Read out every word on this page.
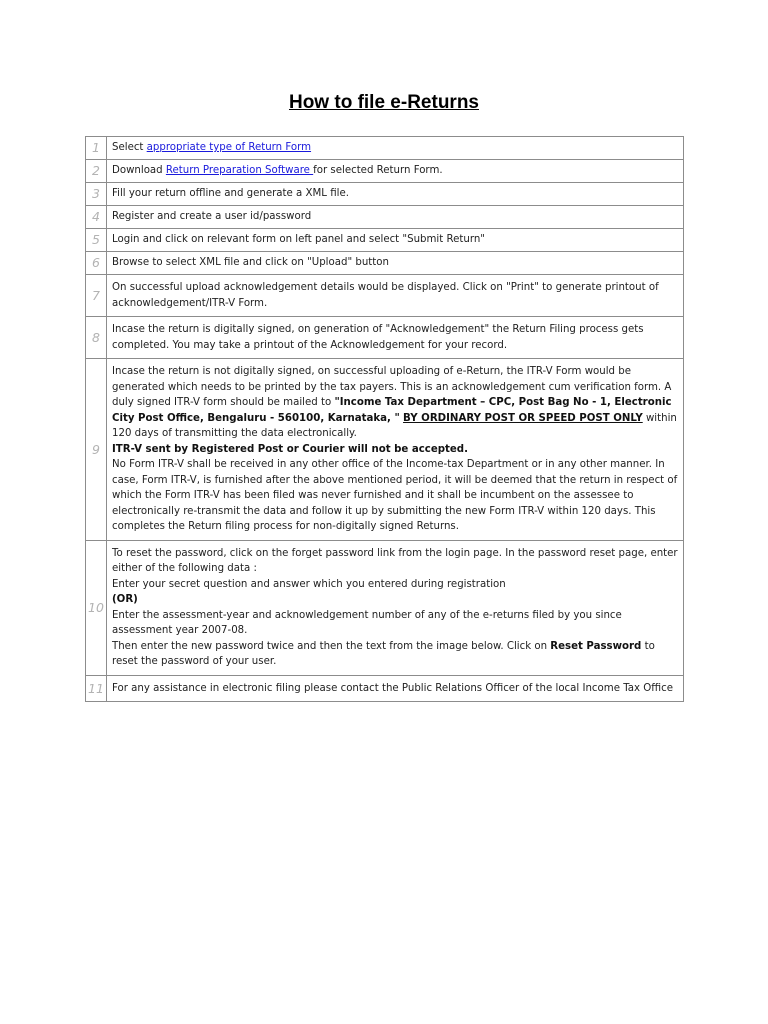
How to file e-Returns
1	Select appropriate type of Return Form
2	Download Return Preparation Software for selected Return Form.
3	Fill your return offline and generate a XML file.
4	Register and create a user id/password
5	Login and click on relevant form on left panel and select "Submit Return"
6	Browse to select XML file and click on "Upload" button
7	On successful upload acknowledgement details would be displayed. Click on "Print" to generate printout of acknowledgement/ITR-V Form.
8	Incase the return is digitally signed, on generation of "Acknowledgement" the Return Filing process gets completed. You may take a printout of the Acknowledgement for your record.
9	Incase the return is not digitally signed, on successful uploading of e-Return, the ITR-V Form would be generated which needs to be printed by the tax payers. This is an acknowledgement cum verification form. A duly signed ITR-V form should be mailed to "Income Tax Department – CPC, Post Bag No - 1, Electronic City Post Office, Bengaluru - 560100, Karnataka, " BY ORDINARY POST OR SPEED POST ONLY within 120 days of transmitting the data electronically.
ITR-V sent by Registered Post or Courier will not be accepted.
No Form ITR-V shall be received in any other office of the Income-tax Department or in any other manner. In case, Form ITR-V, is furnished after the above mentioned period, it will be deemed that the return in respect of which the Form ITR-V has been filed was never furnished and it shall be incumbent on the assessee to electronically re-transmit the data and follow it up by submitting the new Form ITR-V within 120 days. This completes the Return filing process for non-digitally signed Returns.

10	To reset the password, click on the forget password link from the login page. In the password reset page, enter either of the following data :
Enter your secret question and answer which you entered during registration
(OR)
Enter the assessment-year and acknowledgement number of any of the e-returns filed by you since assessment year 2007-08.
Then enter the new password twice and then the text from the image below. Click on Reset Password to reset the password of your user.
11	For any assistance in electronic filing please contact the Public Relations Officer of the local Income Tax Office
